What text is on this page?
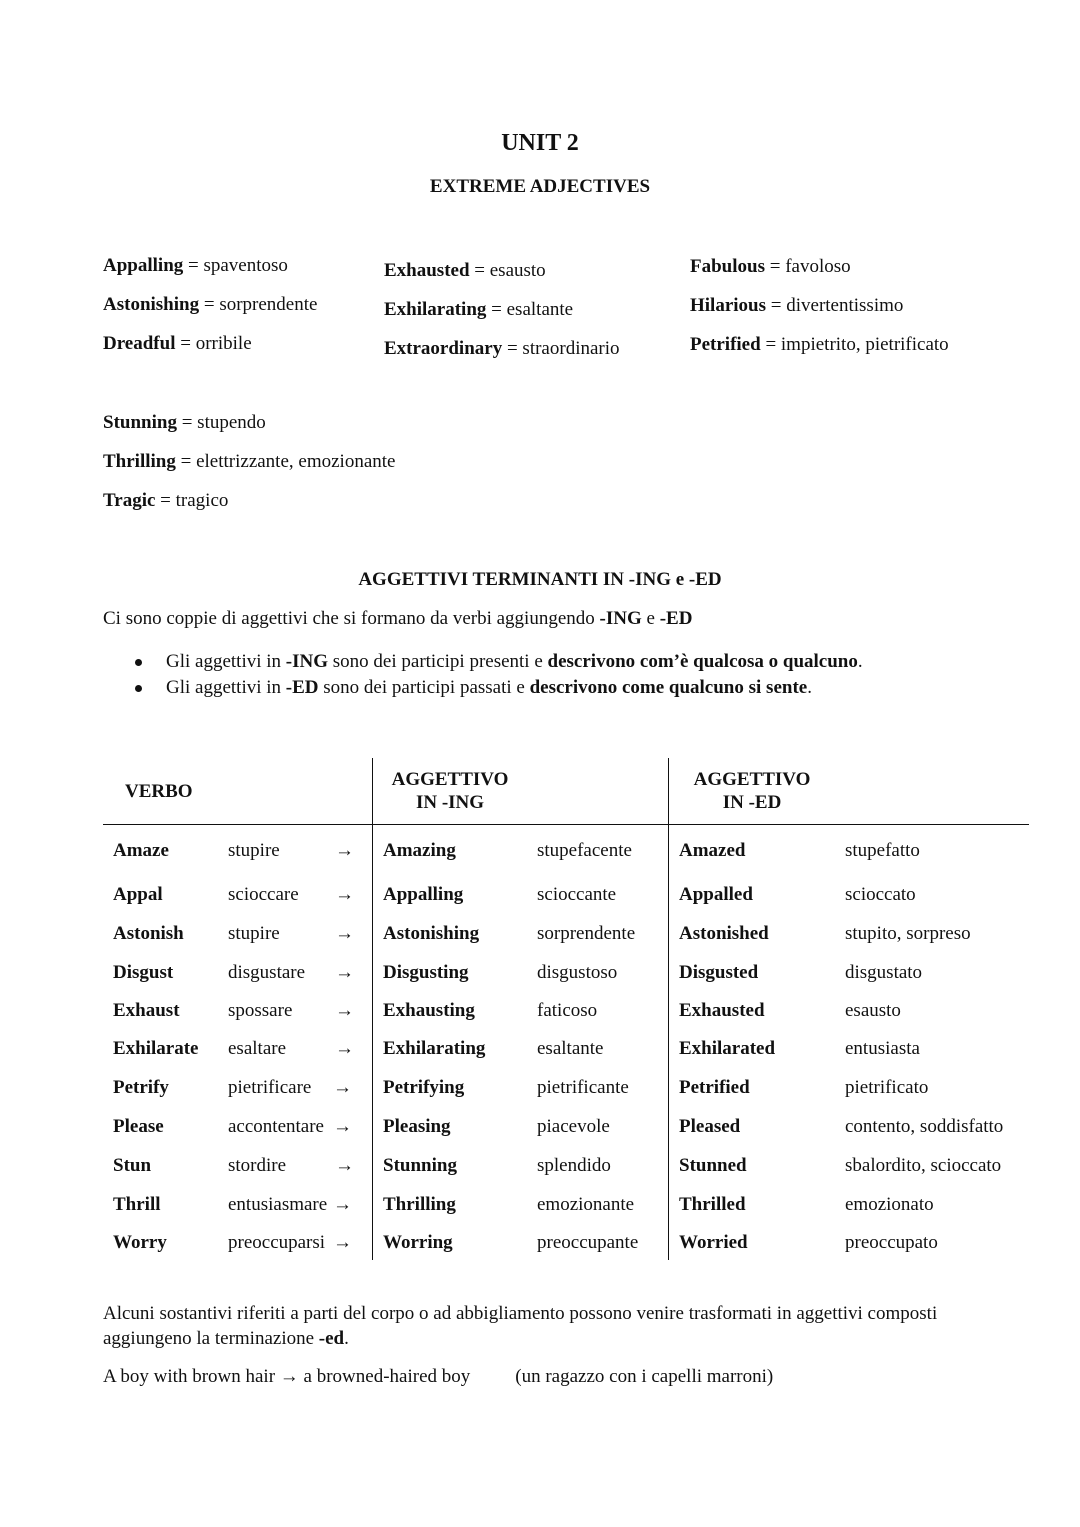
UNIT 2
EXTREME ADJECTIVES
Appalling = spaventoso
Astonishing = sorprendente
Dreadful = orribile
Exhausted = esausto
Exhilarating = esaltante
Extraordinary = straordinario
Fabulous = favoloso
Hilarious = divertentissimo
Petrified = impietrito, pietrificato
Stunning = stupendo
Thrilling = elettrizzante, emozionante
Tragic = tragico
AGGETTIVI TERMINANTI IN -ING e -ED
Ci sono coppie di aggettivi che si formano da verbi aggiungendo -ING e -ED
Gli aggettivi in -ING sono dei participi presenti e descrivono com’è qualcosa o qualcuno.
Gli aggettivi in -ED sono dei participi passati e descrivono come qualcuno si sente.
VERBO
AGGETTIVO
IN -ING
AGGETTIVO
IN -ED
Amaze	stupire	→ Amazing	stupefacente Amazed	stupefatto
Appal	scioccare → Appalling	scioccante	Appalled	scioccato
Astonish stupire	→ Astonishing	sorprendente Astonished	stupito, sorpreso
Disgust	disgustare → Disgusting	disgustoso	Disgusted	disgustato
Exhaust	spossare → Exhausting	faticoso	Exhausted	esausto
Exhilarate esaltare	→ Exhilarating	esaltante	Exhilarated	entusiasta
Petrify	pietrificare → Petrifying	pietrificante	Petrified	pietrificato
Please	accontentare → Pleasing	piacevole	Pleased	contento, soddisfatto
Stun	stordire	→ Stunning	splendido	Stunned	sbalordito, scioccato
Thrill	entusiasmare → Thrilling	emozionante Thrilled	emozionato
Worry	preoccuparsi → Worring	preoccupante Worried	preoccupato
Alcuni sostantivi riferiti a parti del corpo o ad abbigliamento possono venire trasformati in aggettivi composti aggiungeno la terminazione -ed.
A boy with brown hair → a browned-haired boy (un ragazzo con i capelli marroni)
